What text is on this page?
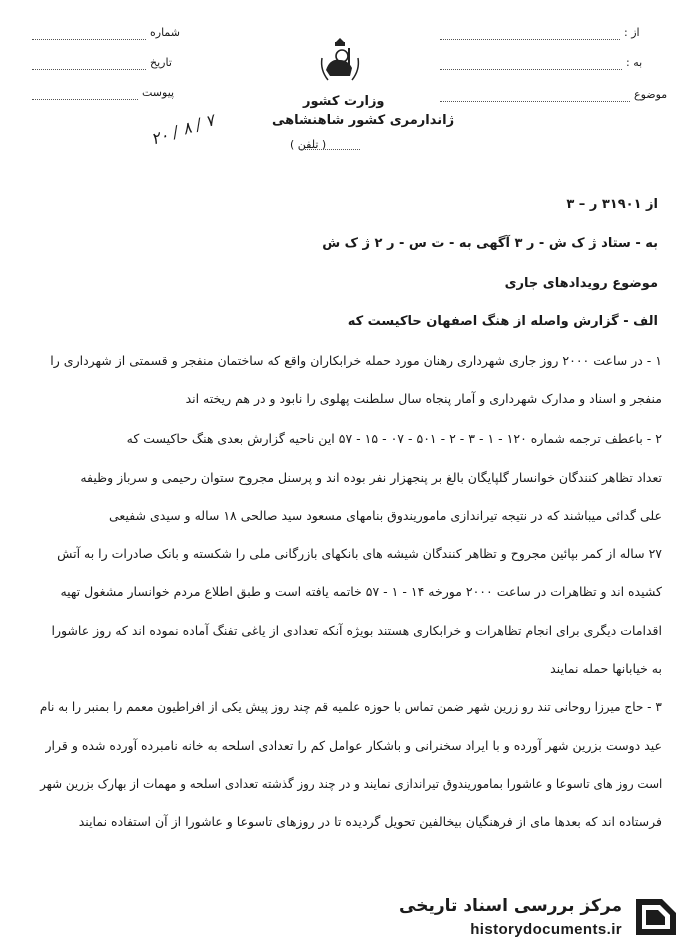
وزارت کشور
ژاندارمری کشور شاهنشاهی
( تلفن )
شماره
تاریخ
پیوست
۲۰ / ۸ / ۷
از :
به :
موضوع
از ۳۱۹۰۱ ر – ۳
به - ستاد ژ ک ش - ر ۳ آگهی به - ت س - ر ۲ ژ ک ش
موضوع رویدادهای جاری
الف - گزارش واصله از هنگ اصفهان حاکیست که
۱ - در ساعت ۲۰۰۰ روز جاری شهرداری رهنان مورد حمله خرابکاران واقع که ساختمان منفجر و قسمتی از شهرداری را
منفجر و اسناد و مدارک شهرداری و آمار پنجاه سال سلطنت پهلوی را نابود و در هم ریخته اند
۲ - باعطف ترجمه شماره ۱۲۰ - ۱ - ۳ - ۲ - ۵۰۱ - ۰۷ - ۱۵ - ۵۷ این ناحیه گزارش بعدی هنگ حاکیست که
تعداد تظاهر کنندگان خوانسار گلپایگان بالغ بر پنجهزار نفر بوده اند و پرسنل مجروح ستوان رحیمی و سرباز وظیفه
علی گدائی میباشند که در نتیجه تیراندازی ماموریندوق بنامهای مسعود سید صالحی ۱۸ ساله و سیدی شفیعی
۲۷ ساله از کمر بپائین مجروح و تظاهر کنندگان شیشه های بانکهای بازرگانی ملی را شکسته و بانک صادرات را به آتش
کشیده اند و تظاهرات در ساعت ۲۰۰۰ مورخه ۱۴ - ۱ - ۵۷ خاتمه یافته است و طبق اطلاع مردم خوانسار مشغول تهیه
اقدامات دیگری برای انجام تظاهرات و خرابکاری هستند بویژه آنکه تعدادی از یاغی تفنگ آماده نموده اند که روز عاشورا
به خیابانها حمله نمایند
۳ - حاج میرزا روحانی تند رو زرین شهر ضمن تماس با حوزه علمیه قم چند روز پیش یکی از افراطیون معمم را بمنبر را به نام
عید دوست بزرین شهر آورده و با ایراد سخنرانی و باشکار عوامل کم را تعدادی اسلحه به خانه نامبرده آورده شده و قرار
است روز های تاسوعا و عاشورا بماموریندوق تیراندازی نمایند و در چند روز گذشته تعدادی اسلحه و مهمات از بهارک بزرین شهر
فرستاده اند که بعدها مای از فرهنگیان بیخالفین تحویل گردیده تا در روزهای تاسوعا و عاشورا از آن استفاده نمایند
مرکز بررسی اسناد تاریخی
historydocuments.ir
